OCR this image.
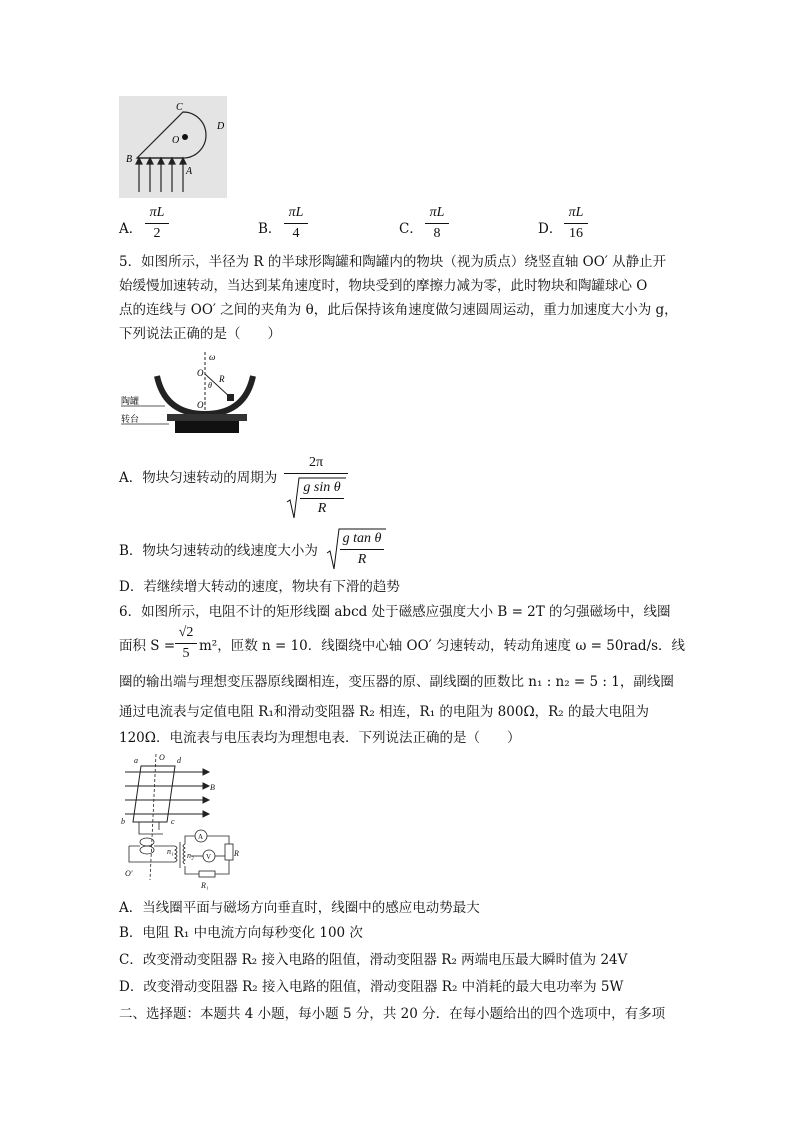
C
D
O
B
A
A．
πL
2	B．
πL
4	C．
πL
8	D．
πL
16
5．如图所示，半径为 R 的半球形陶罐和陶罐内的物块（视为质点）绕竖直轴 OO′ 从静止开
始缓慢加速转动，当达到某角速度时，物块受到的摩擦力减为零，此时物块和陶罐球心 O
点的连线与 OO′ 之间的夹角为 θ，此后保持该角速度做匀速圆周运动，重力加速度大小为 g，
下列说法正确的是（　　）
陶罐
转台
ω
O
O′
R
θ
A．物块匀速转动的周期为
2π
g sin θ
R
B．物块匀速转动的线速度大小为
g tan θ
R
D．若继续增大转动的速度，物块有下滑的趋势
6．如图所示，电阻不计的矩形线圈 abcd 处于磁感应强度大小 B = 2T 的匀强磁场中，线圈
面积 S =
√2
5 m²，匝数 n = 10．线圈绕中心轴 OO′ 匀速转动，转动角速度 ω = 50rad/s．线
圈的输出端与理想变压器原线圈相连，变压器的原、副线圈的匝数比 n₁ : n₂ = 5 : 1，副线圈
通过电流表与定值电阻 R₁和滑动变阻器 R₂ 相连，R₁ 的电阻为 800Ω，R₂ 的最大电阻为
120Ω．电流表与电压表均为理想电表．下列说法正确的是（　　）
a	O d
B
b	c
n₁ n₂
A
V	R
R₁
O′
A．当线圈平面与磁场方向垂直时，线圈中的感应电动势最大
B．电阻 R₁ 中电流方向每秒变化 100 次
C．改变滑动变阻器 R₂ 接入电路的阻值，滑动变阻器 R₂ 两端电压最大瞬时值为 24V
D．改变滑动变阻器 R₂ 接入电路的阻值，滑动变阻器 R₂ 中消耗的最大电功率为 5W
二、选择题：本题共 4 小题，每小题 5 分，共 20 分．在每小题给出的四个选项中，有多项
